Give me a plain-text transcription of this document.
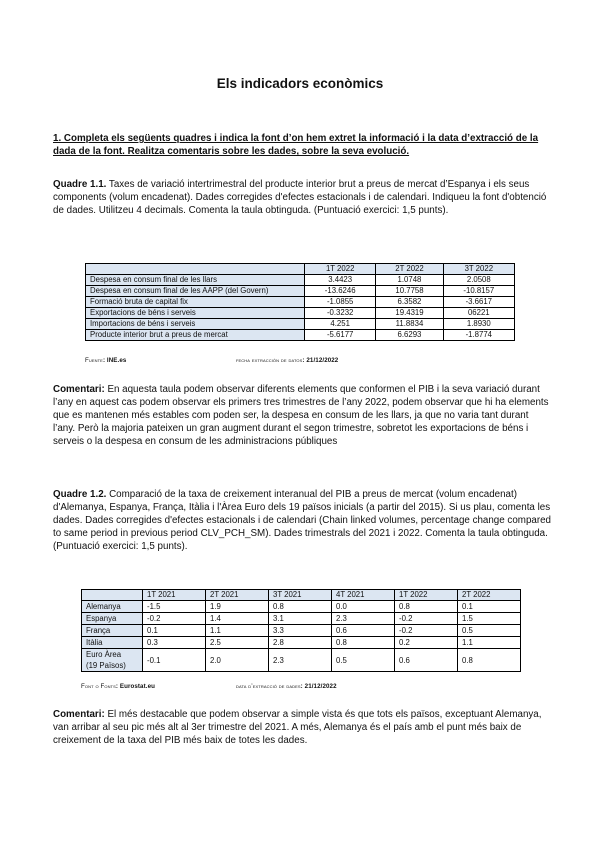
Els indicadors econòmics
1. Completa els següents quadres i indica la font d’on hem extret la informació i la data d’extracció de la dada de la font. Realitza comentaris sobre les dades, sobre la seva evolució.
Quadre 1.1. Taxes de variació intertrimestral del producte interior brut a preus de mercat d’Espanya i els seus components (volum encadenat). Dades corregides d'efectes estacionals i de calendari. Indiqueu la font d'obtenció de dades. Utilitzeu 4 decimals. Comenta la taula obtinguda. (Puntuació exercici: 1,5 punts).
	1T 2022	2T 2022	3T 2022
Despesa en consum final de les llars	3.4423	1.0748	2.0508
Despesa en consum final de les AAPP (del Govern)	-13.6246	10.7758	-10.8157
Formació bruta de capital fix	-1.0855	6.3582	-3.6617
Exportacions de béns i serveis	-0.3232	19.4319	06221
Importacions de béns i serveis	4.251	11.8834	1.8930
Producte interior brut a preus de mercat	-5.6177	6.6293	-1.8774
Fuente: INE.es	fecha extracción de datos: 21/12/2022
Comentari: En aquesta taula podem observar diferents elements que conformen el PIB i la seva variació durant l’any en aquest cas podem observar els primers tres trimestres de l’any 2022, podem observar que hi ha elements que es mantenen més estables com poden ser, la despesa en consum de les llars, ja que no varia tant durant l’any. Però la majoria pateixen un gran augment durant el segon trimestre, sobretot les exportacions de béns i serveis o la despesa en consum de les administracions públiques
Quadre 1.2. Comparació de la taxa de creixement interanual del PIB a preus de mercat (volum encadenat) d'Alemanya, Espanya, França, Itàlia i l'Àrea Euro dels 19 països inicials (a partir del 2015). Si us plau, comenta les dades. Dades corregides d'efectes estacionals i de calendari (Chain linked volumes, percentage change compared to same period in previous period CLV_PCH_SM). Dades trimestrals del 2021 i 2022. Comenta la taula obtinguda. (Puntuació exercici: 1,5 punts).
	1T 2021	2T 2021	3T 2021	4T 2021	1T 2022	2T 2022
Alemanya	-1.5	1.9	0.8	0.0	0.8	0.1
Espanya	-0.2	1.4	3.1	2.3	-0.2	1.5
França	0.1	1.1	3.3	0.6	-0.2	0.5
Itàlia	0.3	2.5	2.8	0.8	0.2	1.1
Euro Àrea
(19 Països)	-0.1	2.0	2.3	0.5	0.6	0.8
Font o Fonts: Eurostat.eu	data d’extracció de dades: 21/12/2022
Comentari: El més destacable que podem observar a simple vista és que tots els països, exceptuant Alemanya, van arribar al seu pic més alt al 3er trimestre del 2021. A més, Alemanya és el país amb el punt més baix de creixement de la taxa del PIB més baix de totes les dades.
